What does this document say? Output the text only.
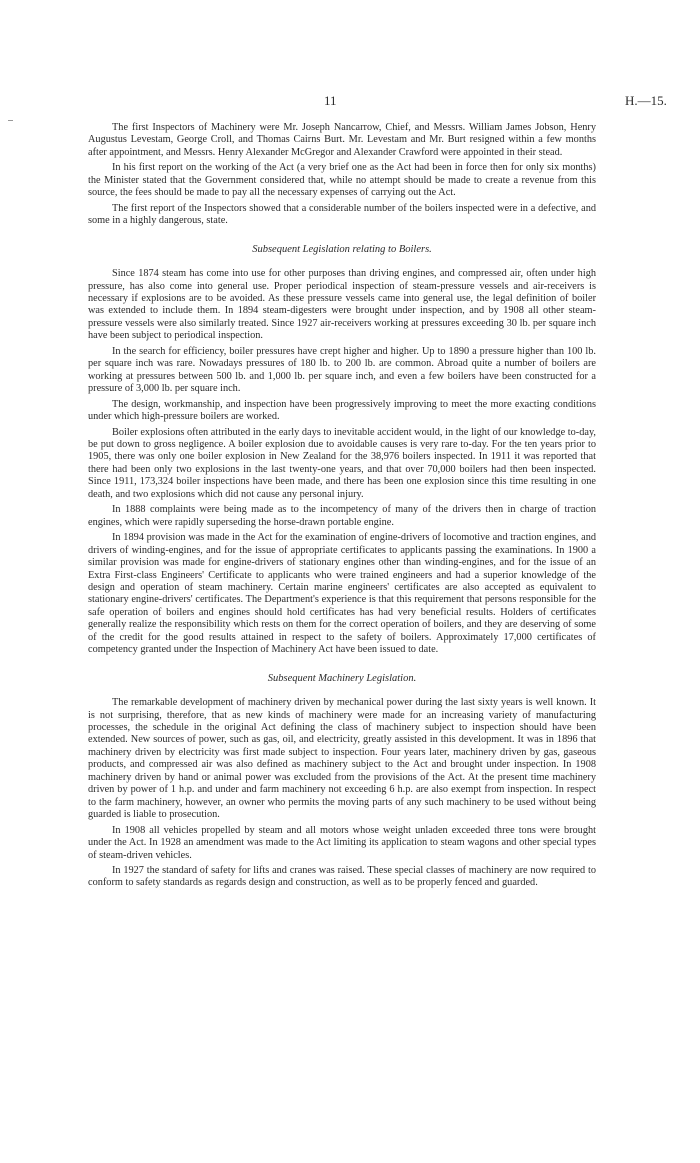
11	H.—15.

The first Inspectors of Machinery were Mr. Joseph Nancarrow, Chief, and Messrs. William James Jobson, Henry Augustus Levestam, George Croll, and Thomas Cairns Burt. Mr. Levestam and Mr. Burt resigned within a few months after appointment, and Messrs. Henry Alexander McGregor and Alexander Crawford were appointed in their stead.

In his first report on the working of the Act (a very brief one as the Act had been in force then for only six months) the Minister stated that the Government considered that, while no attempt should be made to create a revenue from this source, the fees should be made to pay all the necessary expenses of carrying out the Act.

The first report of the Inspectors showed that a considerable number of the boilers inspected were in a defective, and some in a highly dangerous, state.

Subsequent Legislation relating to Boilers.

Since 1874 steam has come into use for other purposes than driving engines, and compressed air, often under high pressure, has also come into general use. Proper periodical inspection of steam-pressure vessels and air-receivers is necessary if explosions are to be avoided. As these pressure vessels came into general use, the legal definition of boiler was extended to include them. In 1894 steam-digesters were brought under inspection, and by 1908 all other steam-pressure vessels were also similarly treated. Since 1927 air-receivers working at pressures exceeding 30 lb. per square inch have been subject to periodical inspection.

In the search for efficiency, boiler pressures have crept higher and higher. Up to 1890 a pressure higher than 100 lb. per square inch was rare. Nowadays pressures of 180 lb. to 200 lb. are common. Abroad quite a number of boilers are working at pressures between 500 lb. and 1,000 lb. per square inch, and even a few boilers have been constructed for a pressure of 3,000 lb. per square inch.

The design, workmanship, and inspection have been progressively improving to meet the more exacting conditions under which high-pressure boilers are worked.

Boiler explosions often attributed in the early days to inevitable accident would, in the light of our knowledge to-day, be put down to gross negligence. A boiler explosion due to avoidable causes is very rare to-day. For the ten years prior to 1905, there was only one boiler explosion in New Zealand for the 38,976 boilers inspected. In 1911 it was reported that there had been only two explosions in the last twenty-one years, and that over 70,000 boilers had then been inspected. Since 1911, 173,324 boiler inspections have been made, and there has been one explosion since this time resulting in one death, and two explosions which did not cause any personal injury.

In 1888 complaints were being made as to the incompetency of many of the drivers then in charge of traction engines, which were rapidly superseding the horse-drawn portable engine.

In 1894 provision was made in the Act for the examination of engine-drivers of locomotive and traction engines, and drivers of winding-engines, and for the issue of appropriate certificates to applicants passing the examinations. In 1900 a similar provision was made for engine-drivers of stationary engines other than winding-engines, and for the issue of an Extra First-class Engineers' Certificate to applicants who were trained engineers and had a superior knowledge of the design and operation of steam machinery. Certain marine engineers' certificates are also accepted as equivalent to stationary engine-drivers' certificates. The Department's experience is that this requirement that persons responsible for the safe operation of boilers and engines should hold certificates has had very beneficial results. Holders of certificates generally realize the responsibility which rests on them for the correct operation of boilers, and they are deserving of some of the credit for the good results attained in respect to the safety of boilers. Approximately 17,000 certificates of competency granted under the Inspection of Machinery Act have been issued to date.

Subsequent Machinery Legislation.

The remarkable development of machinery driven by mechanical power during the last sixty years is well known. It is not surprising, therefore, that as new kinds of machinery were made for an increasing variety of manufacturing processes, the schedule in the original Act defining the class of machinery subject to inspection should have been extended. New sources of power, such as gas, oil, and electricity, greatly assisted in this development. It was in 1896 that machinery driven by electricity was first made subject to inspection. Four years later, machinery driven by gas, gaseous products, and compressed air was also defined as machinery subject to the Act and brought under inspection. In 1908 machinery driven by hand or animal power was excluded from the provisions of the Act. At the present time machinery driven by power of 1 h.p. and under and farm machinery not exceeding 6 h.p. are also exempt from inspection. In respect to the farm machinery, however, an owner who permits the moving parts of any such machinery to be used without being guarded is liable to prosecution.

In 1908 all vehicles propelled by steam and all motors whose weight unladen exceeded three tons were brought under the Act. In 1928 an amendment was made to the Act limiting its application to steam wagons and other special types of steam-driven vehicles.

In 1927 the standard of safety for lifts and cranes was raised. These special classes of machinery are now required to conform to safety standards as regards design and construction, as well as to be properly fenced and guarded.
